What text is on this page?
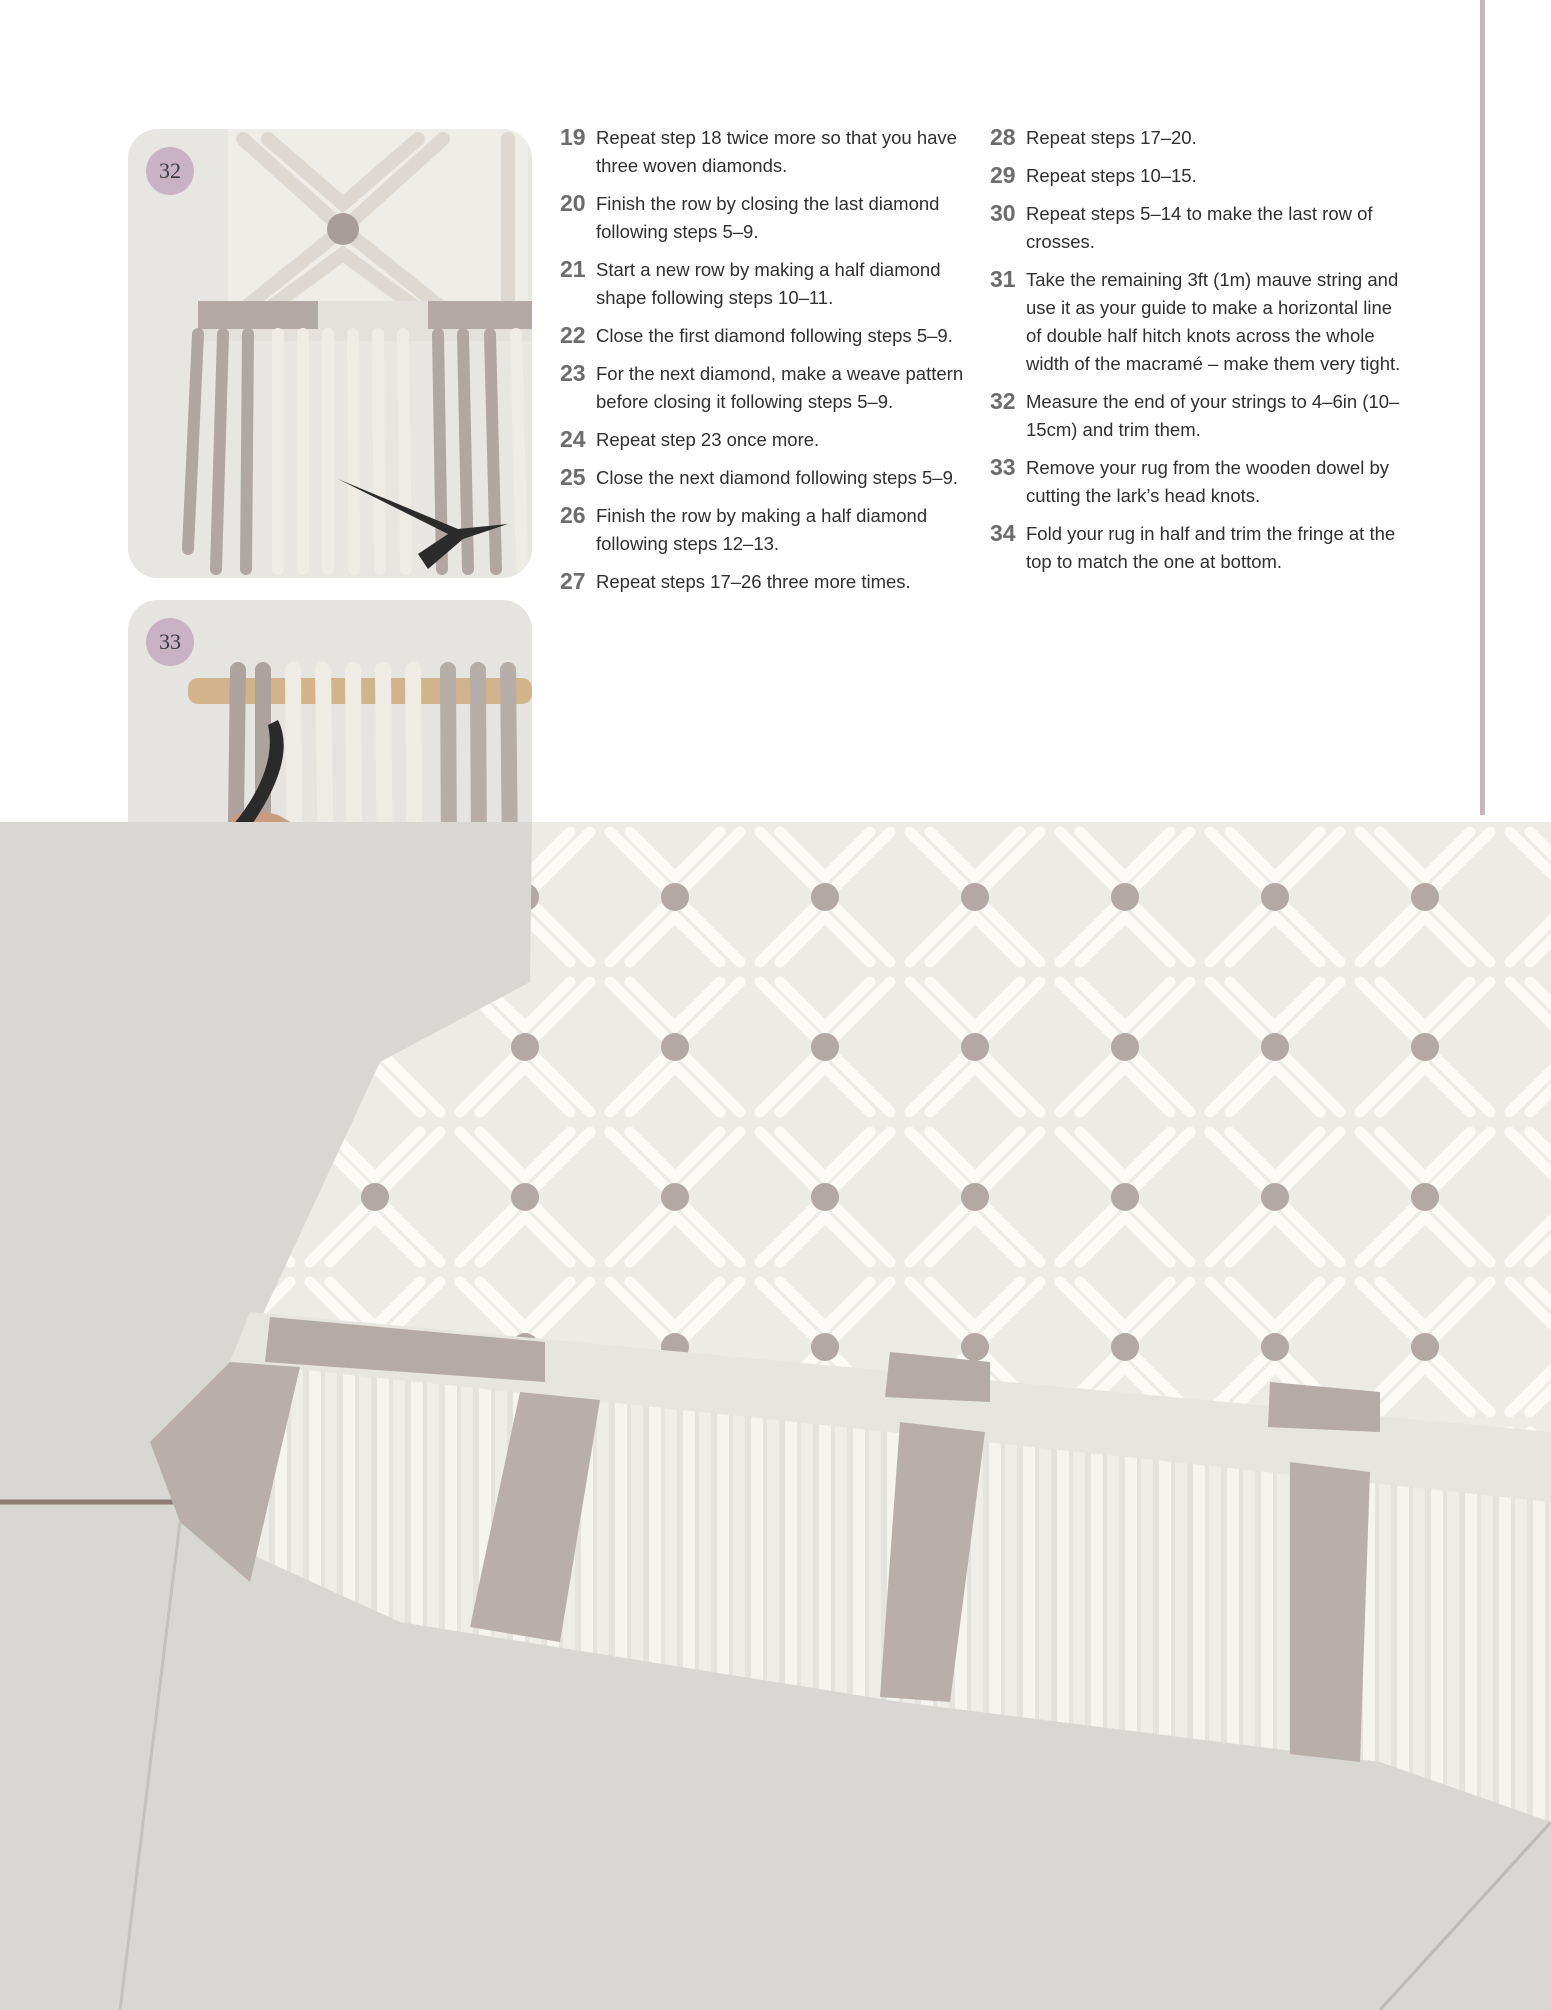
32
33
19 Repeat step 18 twice more so that you have three woven diamonds.
20 Finish the row by closing the last diamond following steps 5–9.
21 Start a new row by making a half diamond shape following steps 10–11.
22 Close the first diamond following steps 5–9.
23 For the next diamond, make a weave pattern before closing it following steps 5–9.
24 Repeat step 23 once more.
25 Close the next diamond following steps 5–9.
26 Finish the row by making a half diamond following steps 12–13.
27 Repeat steps 17–26 three more times.
28 Repeat steps 17–20.
29 Repeat steps 10–15.
30 Repeat steps 5–14 to make the last row of crosses.
31 Take the remaining 3ft (1m) mauve string and use it as your guide to make a horizontal line of double half hitch knots across the whole width of the macramé – make them very tight.
32 Measure the end of your strings to 4–6in (10–15cm) and trim them.
33 Remove your rug from the wooden dowel by cutting the lark’s head knots.
34 Fold your rug in half and trim the fringe at the top to match the one at bottom.
